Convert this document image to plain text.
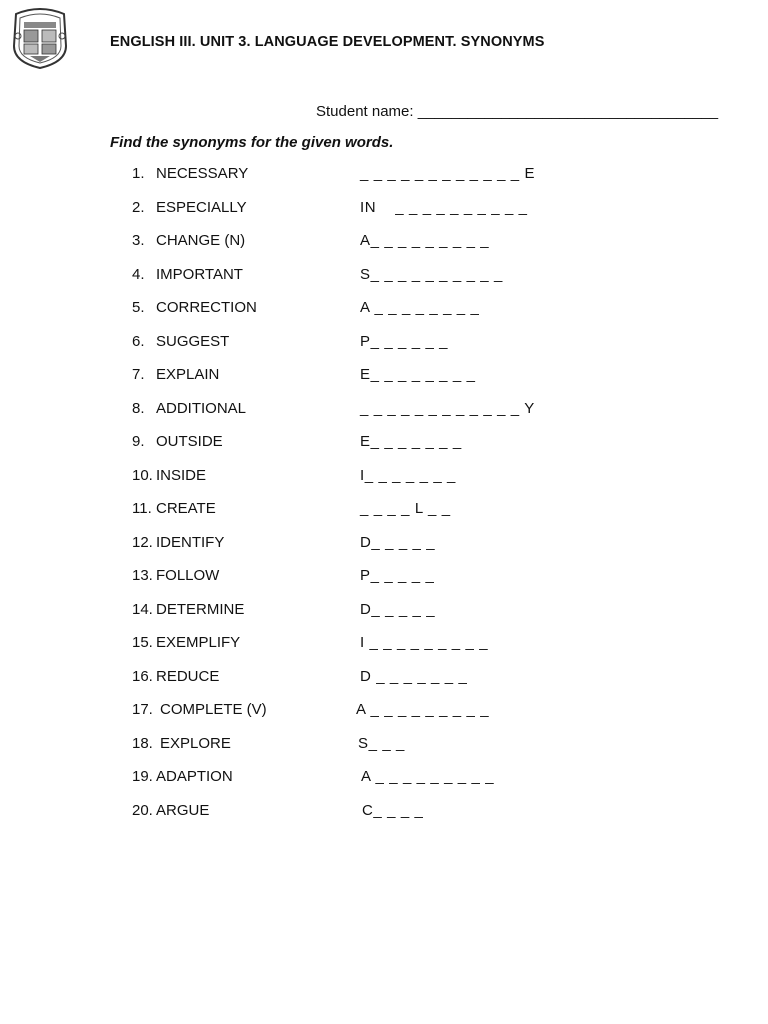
ENGLISH III. UNIT 3. LANGUAGE DEVELOPMENT. SYNONYMS
Student name: ____________________________________
Find the synonyms for the given words.
1. NECESSARY	_ _ _ _ _ _ _ _ _ _ _ _ E
2. ESPECIALLY	IN    _ _ _ _ _ _ _ _ _ _
3. CHANGE (N)	A_ _ _ _ _ _ _ _ _
4. IMPORTANT	S_ _ _ _ _ _ _ _ _ _
5. CORRECTION	A _ _ _ _ _ _ _ _
6. SUGGEST	P_ _ _ _ _ _
7. EXPLAIN	E_ _ _ _ _ _ _ _
8. ADDITIONAL	_ _ _ _ _ _ _ _ _ _ _ _ Y
9. OUTSIDE	E_ _ _ _ _ _ _
10. INSIDE	I_ _ _ _ _ _ _
11. CREATE	_ _ _ _ L _ _
12. IDENTIFY	D_ _ _ _ _
13. FOLLOW	P_ _ _ _ _
14. DETERMINE	D_ _ _ _ _
15. EXEMPLIFY	I _ _ _ _ _ _ _ _ _
16. REDUCE	D _ _ _ _ _ _ _
17. COMPLETE (V)	A _ _ _ _ _ _ _ _ _
18. EXPLORE	S_ _ _
19. ADAPTION	A _ _ _ _ _ _ _ _ _
20. ARGUE	C_ _ _ _
